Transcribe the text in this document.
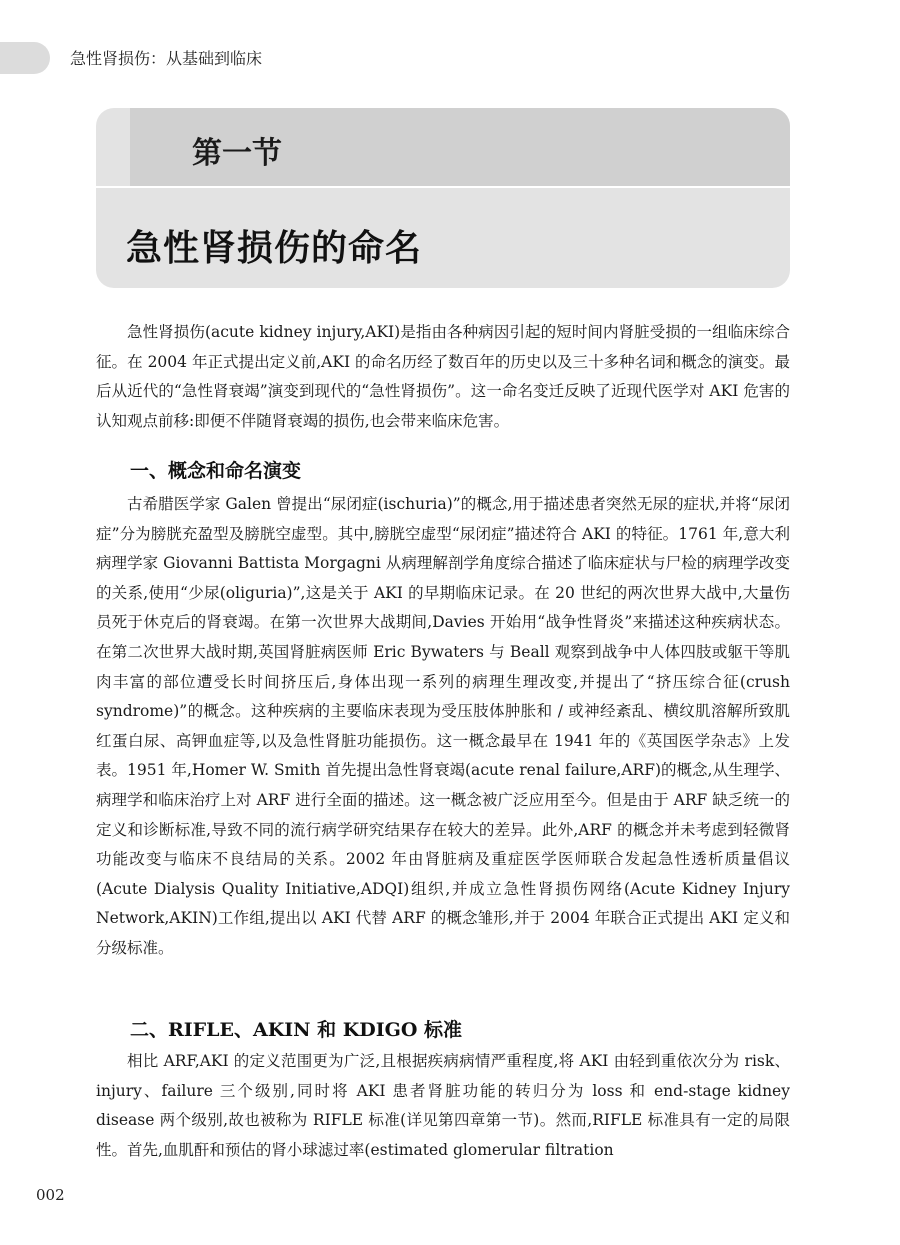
急性肾损伤：从基础到临床
第一节
急性肾损伤的命名

急性肾损伤(acute kidney injury,AKI)是指由各种病因引起的短时间内肾脏受损的一组临床综合征。在 2004 年正式提出定义前,AKI 的命名历经了数百年的历史以及三十多种名词和概念的演变。最后从近代的“急性肾衰竭”演变到现代的“急性肾损伤”。这一命名变迁反映了近现代医学对 AKI 危害的认知观点前移:即便不伴随肾衰竭的损伤,也会带来临床危害。

一、概念和命名演变

古希腊医学家 Galen 曾提出“尿闭症(ischuria)”的概念,用于描述患者突然无尿的症状,并将“尿闭症”分为膀胱充盈型及膀胱空虚型。其中,膀胱空虚型“尿闭症”描述符合 AKI 的特征。1761 年,意大利病理学家 Giovanni Battista Morgagni 从病理解剖学角度综合描述了临床症状与尸检的病理学改变的关系,使用“少尿(oliguria)”,这是关于 AKI 的早期临床记录。在 20 世纪的两次世界大战中,大量伤员死于休克后的肾衰竭。在第一次世界大战期间,Davies 开始用“战争性肾炎”来描述这种疾病状态。在第二次世界大战时期,英国肾脏病医师 Eric Bywaters 与 Beall 观察到战争中人体四肢或躯干等肌肉丰富的部位遭受长时间挤压后,身体出现一系列的病理生理改变,并提出了“挤压综合征(crush syndrome)”的概念。这种疾病的主要临床表现为受压肢体肿胀和 / 或神经紊乱、横纹肌溶解所致肌红蛋白尿、高钾血症等,以及急性肾脏功能损伤。这一概念最早在 1941 年的《英国医学杂志》上发表。1951 年,Homer W. Smith 首先提出急性肾衰竭(acute renal failure,ARF)的概念,从生理学、病理学和临床治疗上对 ARF 进行全面的描述。这一概念被广泛应用至今。但是由于 ARF 缺乏统一的定义和诊断标准,导致不同的流行病学研究结果存在较大的差异。此外,ARF 的概念并未考虑到轻微肾功能改变与临床不良结局的关系。2002 年由肾脏病及重症医学医师联合发起急性透析质量倡议(Acute Dialysis Quality Initiative,ADQI)组织,并成立急性肾损伤网络(Acute Kidney Injury Network,AKIN)工作组,提出以 AKI 代替 ARF 的概念雏形,并于 2004 年联合正式提出 AKI 定义和分级标准。

二、RIFLE、AKIN 和 KDIGO 标准

相比 ARF,AKI 的定义范围更为广泛,且根据疾病病情严重程度,将 AKI 由轻到重依次分为 risk、injury、failure 三个级别,同时将 AKI 患者肾脏功能的转归分为 loss 和 end-stage kidney disease 两个级别,故也被称为 RIFLE 标准(详见第四章第一节)。然而,RIFLE 标准具有一定的局限性。首先,血肌酐和预估的肾小球滤过率(estimated glomerular filtration

002
